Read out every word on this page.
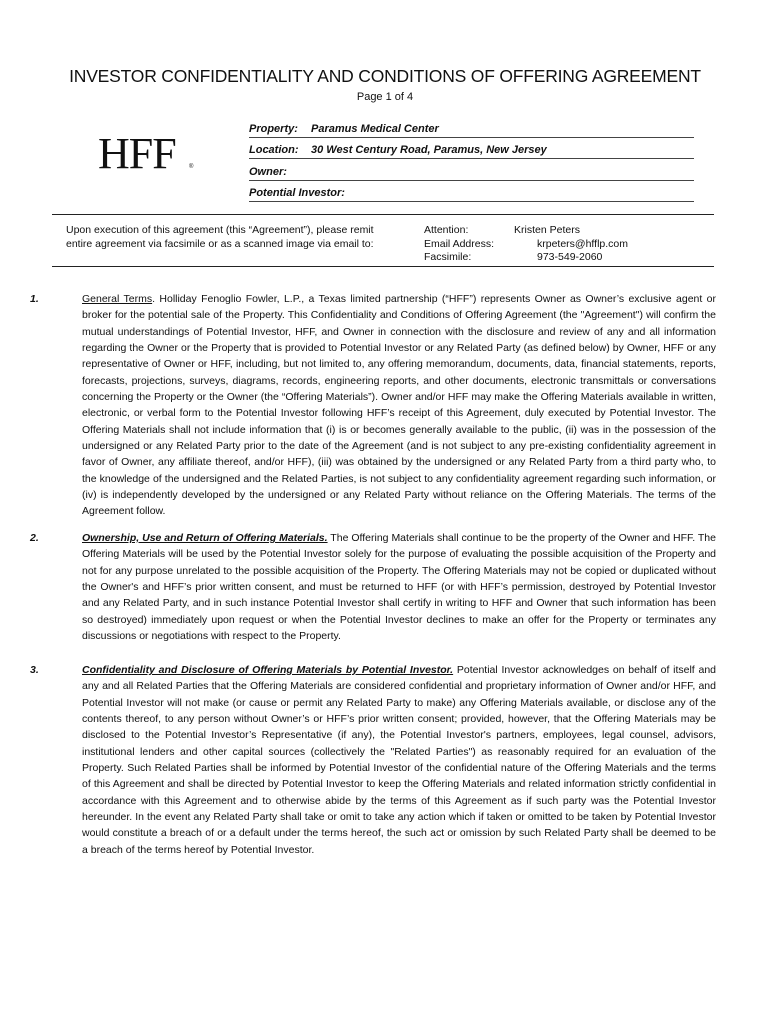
INVESTOR CONFIDENTIALITY AND CONDITIONS OF OFFERING AGREEMENT
Page 1 of 4
HFF ®
Property: Paramus Medical Center
Location: 30 West Century Road, Paramus, New Jersey
Owner:
Potential Investor:
Upon execution of this agreement (this “Agreement”), please remit
entire agreement via facsimile or as a scanned image via email to:
Attention:	Kristen Peters
Email Address:	krpeters@hfflp.com
Facsimile:	973-549-2060
1.	General Terms. Holliday Fenoglio Fowler, L.P., a Texas limited partnership (“HFF”) represents Owner as Owner’s exclusive agent or broker for the potential sale of the Property. This Confidentiality and Conditions of Offering Agreement (the "Agreement") will confirm the mutual understandings of Potential Investor, HFF, and Owner in connection with the disclosure and review of any and all information regarding the Owner or the Property that is provided to Potential Investor or any Related Party (as defined below) by Owner, HFF or any representative of Owner or HFF, including, but not limited to, any offering memorandum, documents, data, financial statements, reports, forecasts, projections, surveys, diagrams, records, engineering reports, and other documents, electronic transmittals or conversations concerning the Property or the Owner (the “Offering Materials”). Owner and/or HFF may make the Offering Materials available in written, electronic, or verbal form to the Potential Investor following HFF’s receipt of this Agreement, duly executed by Potential Investor. The Offering Materials shall not include information that (i) is or becomes generally available to the public, (ii) was in the possession of the undersigned or any Related Party prior to the date of the Agreement (and is not subject to any pre-existing confidentiality agreement in favor of Owner, any affiliate thereof, and/or HFF), (iii) was obtained by the undersigned or any Related Party from a third party who, to the knowledge of the undersigned and the Related Parties, is not subject to any confidentiality agreement regarding such information, or (iv) is independently developed by the undersigned or any Related Party without reliance on the Offering Materials. The terms of the Agreement follow.
2.	Ownership, Use and Return of Offering Materials. The Offering Materials shall continue to be the property of the Owner and HFF. The Offering Materials will be used by the Potential Investor solely for the purpose of evaluating the possible acquisition of the Property and not for any purpose unrelated to the possible acquisition of the Property. The Offering Materials may not be copied or duplicated without the Owner's and HFF’s prior written consent, and must be returned to HFF (or with HFF’s permission, destroyed by Potential Investor and any Related Party, and in such instance Potential Investor shall certify in writing to HFF and Owner that such information has been so destroyed) immediately upon request or when the Potential Investor declines to make an offer for the Property or terminates any discussions or negotiations with respect to the Property.
3.	Confidentiality and Disclosure of Offering Materials by Potential Investor. Potential Investor acknowledges on behalf of itself and any and all Related Parties that the Offering Materials are considered confidential and proprietary information of Owner and/or HFF, and Potential Investor will not make (or cause or permit any Related Party to make) any Offering Materials available, or disclose any of the contents thereof, to any person without Owner’s or HFF’s prior written consent; provided, however, that the Offering Materials may be disclosed to the Potential Investor’s Representative (if any), the Potential Investor's partners, employees, legal counsel, advisors, institutional lenders and other capital sources (collectively the "Related Parties") as reasonably required for an evaluation of the Property. Such Related Parties shall be informed by Potential Investor of the confidential nature of the Offering Materials and the terms of this Agreement and shall be directed by Potential Investor to keep the Offering Materials and related information strictly confidential in accordance with this Agreement and to otherwise abide by the terms of this Agreement as if such party was the Potential Investor hereunder. In the event any Related Party shall take or omit to take any action which if taken or omitted to be taken by Potential Investor would constitute a breach of or a default under the terms hereof, the such act or omission by such Related Party shall be deemed to be a breach of the terms hereof by Potential Investor.
